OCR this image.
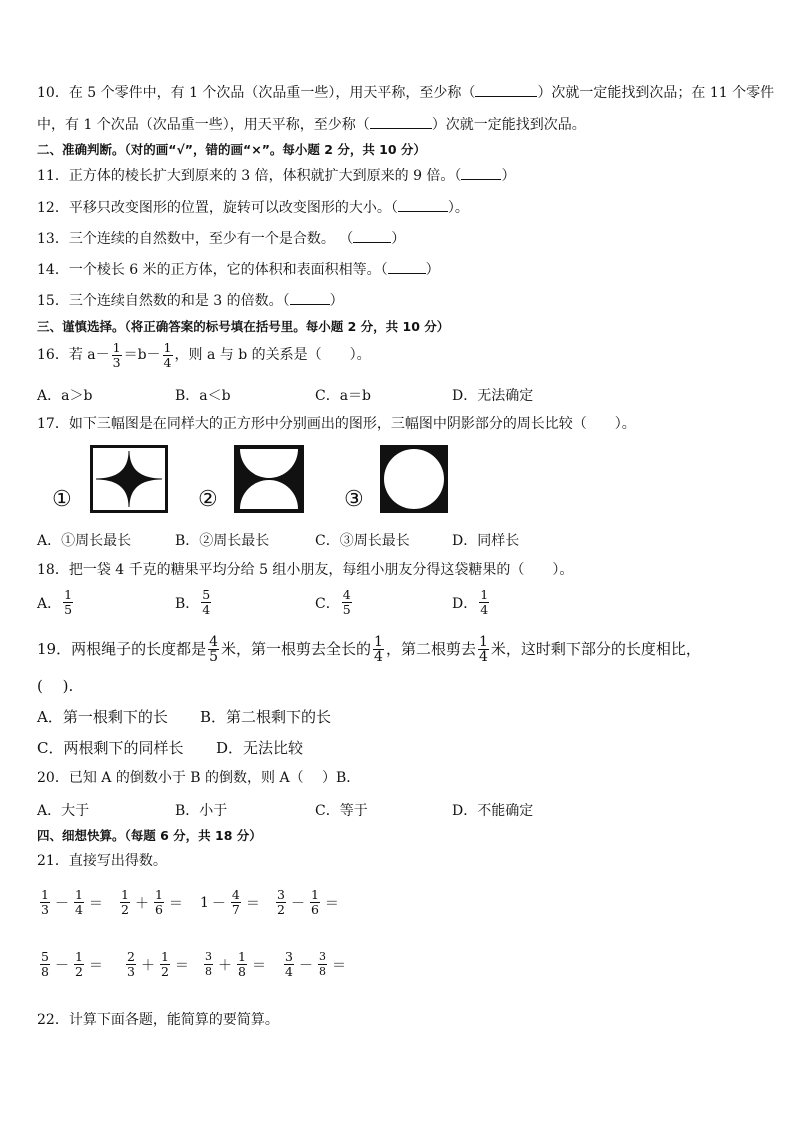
10．在 5 个零件中，有 1 个次品（次品重一些），用天平称，至少称（	）次就一定能找到次品；在 11 个零件
中，有 1 个次品（次品重一些），用天平称，至少称（	）次就一定能找到次品。
二、准确判断。（对的画“√”，错的画“×”。每小题 2 分，共 10 分）
11．正方体的棱长扩大到原来的 3 倍，体积就扩大到原来的 9 倍。（	）
12．平移只改变图形的位置，旋转可以改变图形的大小。（	）。
13．三个连续的自然数中，至少有一个是合数。 （	）
14．一个棱长 6 米的正方体，它的体积和表面积相等。（	）
15．三个连续自然数的和是 3 的倍数。（	）
三、谨慎选择。（将正确答案的标号填在括号里。每小题 2 分，共 10 分）
16．若 $a- \frac{1}{3} =b- \frac{1}{4}$ ，则 a 与 b 的关系是（　　）。
A．a＞b	B．a＜b	C．a＝b	D．无法确定
17．如下三幅图是在同样大的正方形中分别画出的图形，三幅图中阴影部分的周长比较（　　）。
①	②	③
A．①周长最长	B．②周长最长	C．③周长最长	D．同样长
18．把一袋 4 千克的糖果平均分给 5 组小朋友，每组小朋友分得这袋糖果的（　　）。
A． $\frac{1}{5}$	B． $\frac{5}{4}$	C． $\frac{4}{5}$	D． $\frac{1}{4}$
19．两根绳子的长度都是 $\frac{4}{5}$ 米，第一根剪去全长的 $\frac{1}{4}$ ，第二根剪去 $\frac{1}{4}$ 米，这时剩下部分的长度相比，
(　 ).
A．第一根剩下的长 B．第二根剩下的长
C．两根剩下的同样长 D．无法比较
20．已知 A 的倒数小于 B 的倒数，则 A（　 ）B．
A．大于	B．小于	C．等于	D．不能确定
四、细想快算。（每题 6 分，共 18 分）
21．直接写出得数。
$\frac{1}{3} - \frac{1}{4} = \frac{1}{2} + \frac{1}{6} = 1 - \frac{4}{7} = \frac{3}{2} - \frac{1}{6}$ ＝
$\frac{5}{8} - \frac{1}{2} = \frac{2}{3} + \frac{1}{2} = \frac{3}{8} + \frac{1}{8} = \frac{3}{4} - \frac{3}{8}$ ＝
22．计算下面各题，能简算的要简算。
